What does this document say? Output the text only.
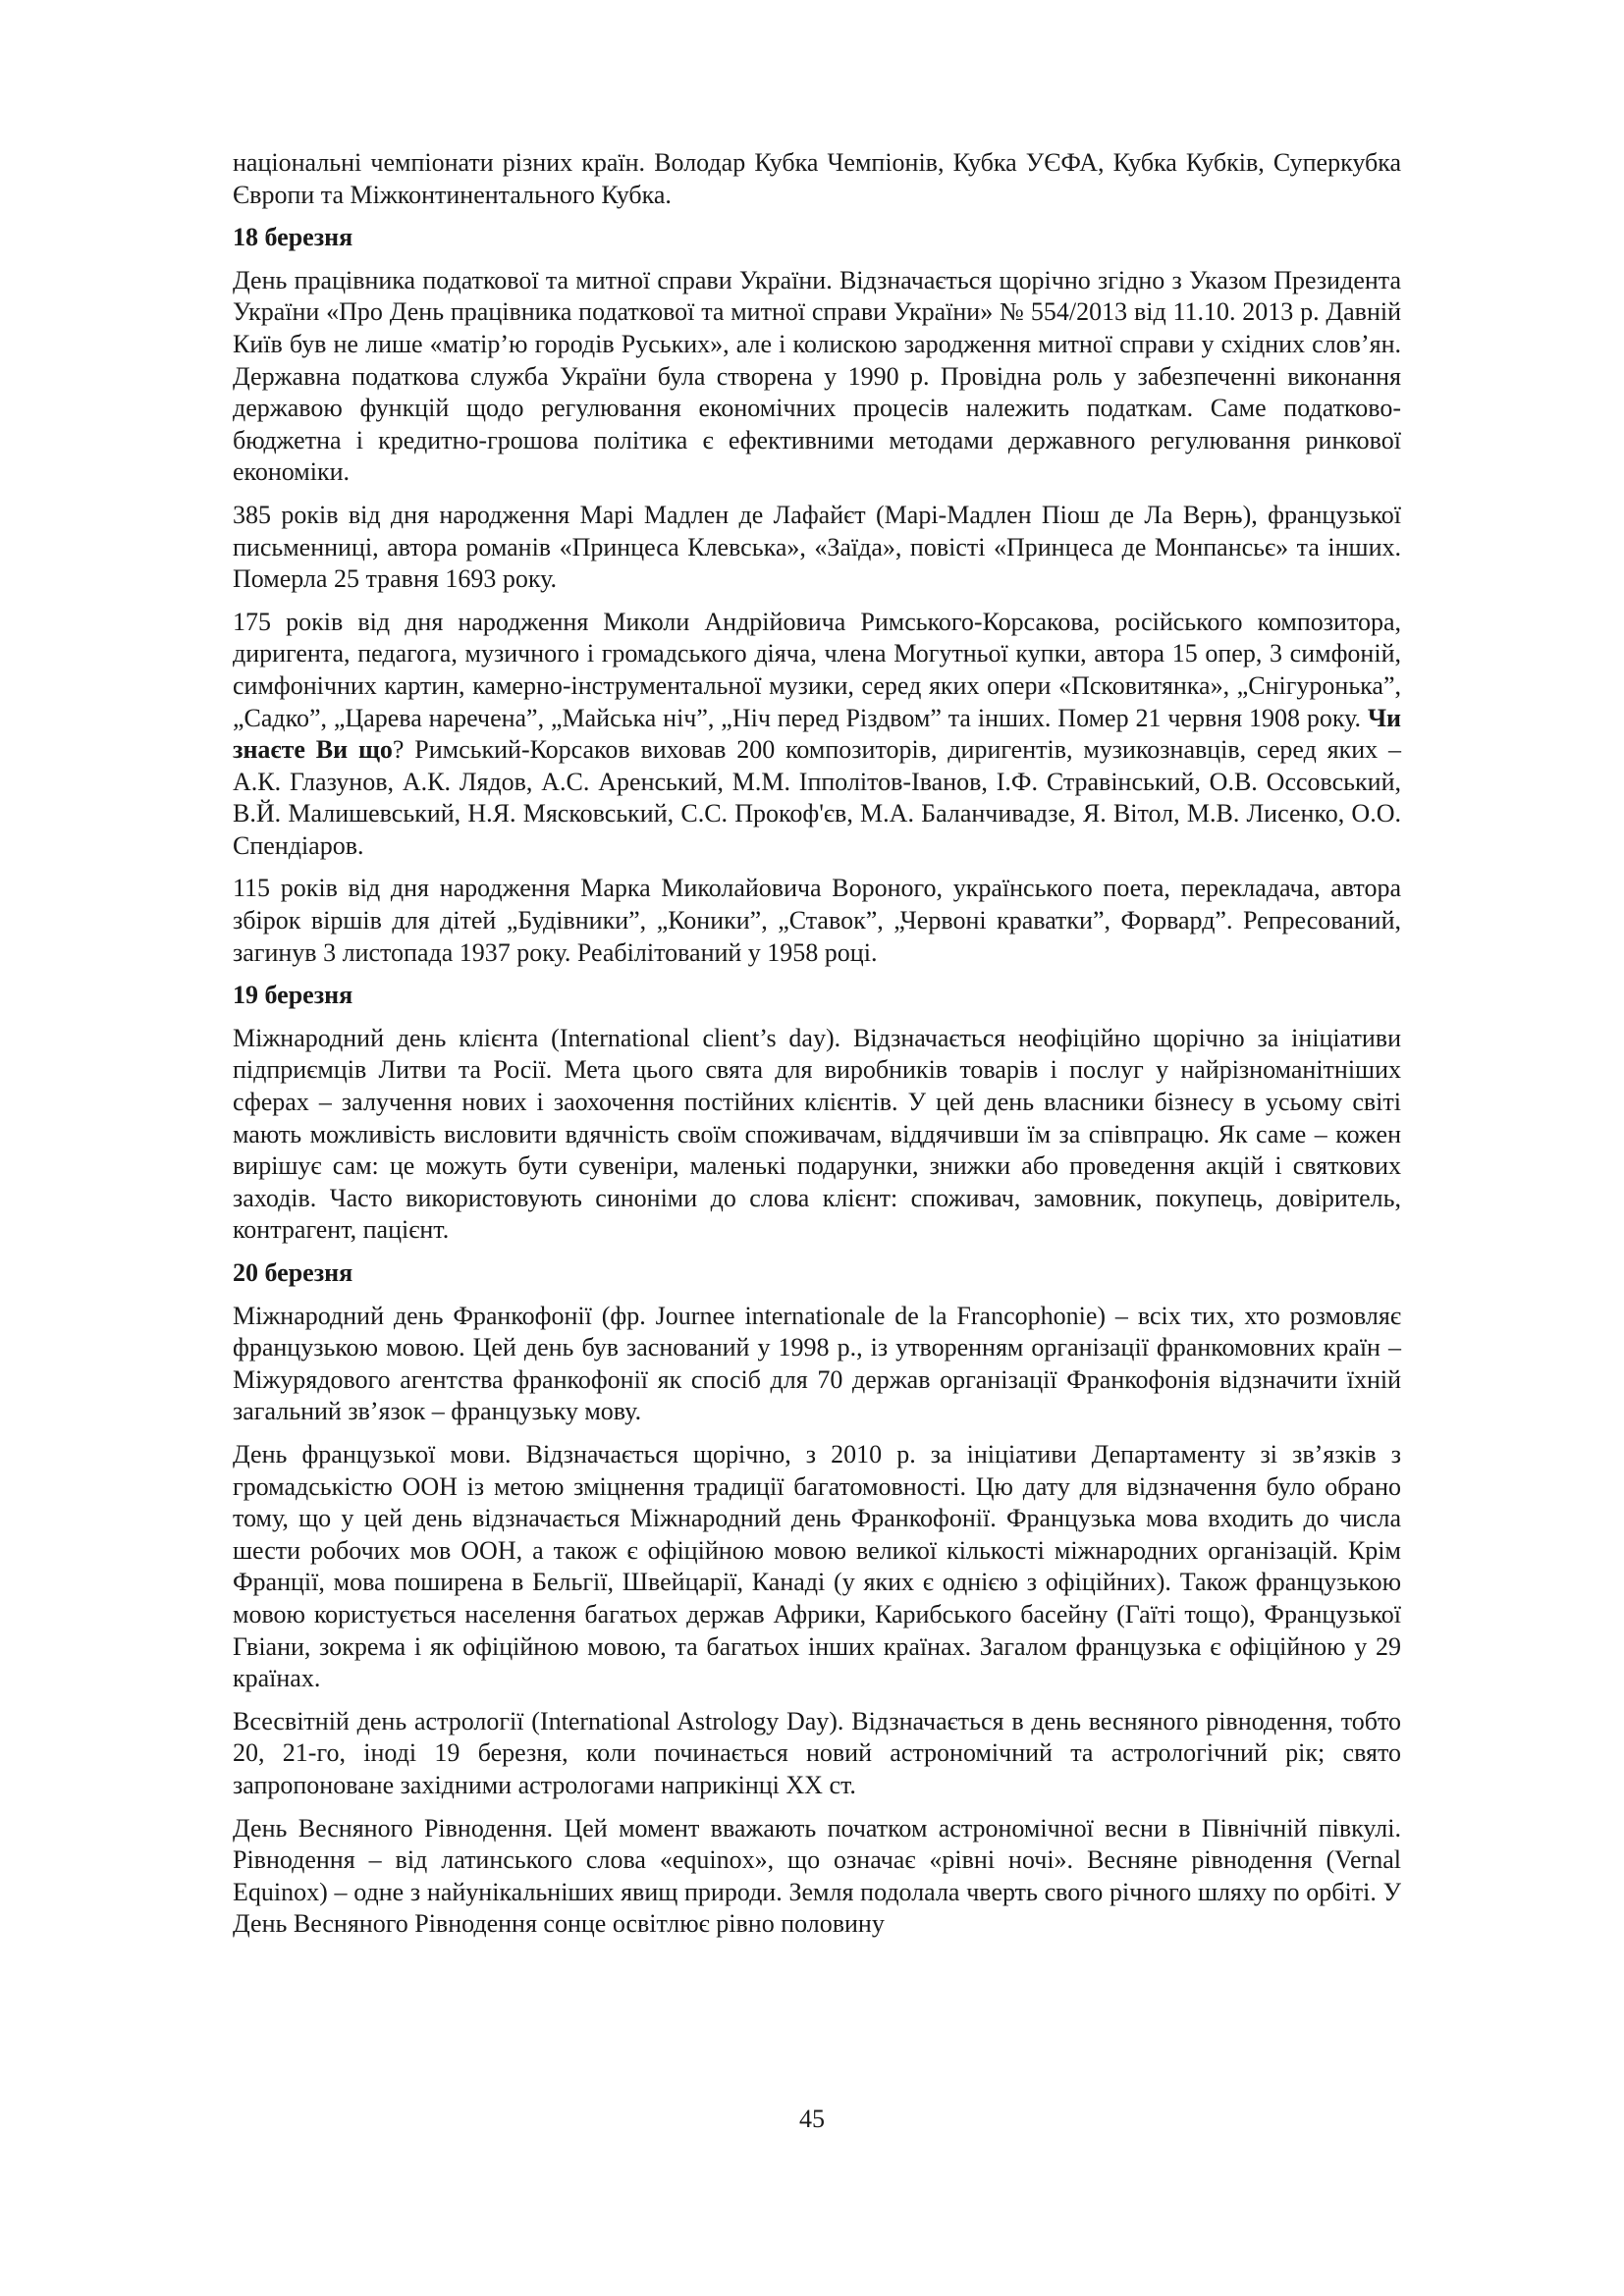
національні чемпіонати різних країн. Володар Кубка Чемпіонів, Кубка УЄФА, Кубка Кубків, Суперкубка Європи та Міжконтинентального Кубка.

18 березня

День працівника податкової та митної справи України. Відзначається щорічно згідно з Указом Президента України «Про День працівника податкової та митної справи України» № 554/2013 від 11.10. 2013 р. Давній Київ був не лише «матір’ю городів Руських», але і колискою зародження митної справи у східних слов’ян. Державна податкова служба України була створена у 1990 р. Провідна роль у забезпеченні виконання державою функцій щодо регулювання економічних процесів належить податкам. Саме податково-бюджетна і кредитно-грошова політика є ефективними методами державного регулювання ринкової економіки.

385 років від дня народження Марі Мадлен де Лафайєт (Марі-Мадлен Піош де Ла Верњ), французької письменниці, автора романів «Принцеса Клевська», «Заїда», повісті «Принцеса де Монпансьє» та інших. Померла 25 травня 1693 року.

175 років від дня народження Миколи Андрійовича Римського-Корсакова, російського композитора, диригента, педагога, музичного і громадського діяча, члена Могутньої купки, автора 15 опер, 3 симфоній, симфонічних картин, камерно-інструментальної музики, серед яких опери «Псковитянка», „Снігуронька”, „Садко”, „Царева наречена”, „Майська ніч”, „Ніч перед Різдвом” та інших. Помер 21 червня 1908 року. Чи знаєте Ви що? Римський-Корсаков виховав 200 композиторів, диригентів, музикознавців, серед яких – А.К. Глазунов, А.К. Лядов, А.С. Аренський, М.М. Іпполітов-Іванов, І.Ф. Стравінський, О.В. Оссовський, В.Й. Малишевський, Н.Я. Мясковський, С.С. Прокоф'єв, М.А. Баланчивадзе, Я. Вітол, М.В. Лисенко, О.О. Спендіаров.

115 років від дня народження Марка Миколайовича Вороного, українського поета, перекладача, автора збірок віршів для дітей „Будівники”, „Коники”, „Ставок”, „Червоні краватки”, Форвард”. Репресований, загинув 3 листопада 1937 року. Реабілітований у 1958 році.

19 березня

Міжнародний день клієнта (International client’s day). Відзначається неофіційно щорічно за ініціативи підприємців Литви та Росії. Мета цього свята для виробників товарів і послуг у найрізноманітніших сферах – залучення нових і заохочення постійних клієнтів. У цей день власники бізнесу в усьому світі мають можливість висловити вдячність своїм споживачам, віддячивши їм за співпрацю. Як саме – кожен вирішує сам: це можуть бути сувеніри, маленькі подарунки, знижки або проведення акцій і святкових заходів. Часто використовують синоніми до слова клієнт: споживач, замовник, покупець, довіритель, контрагент, пацієнт.

20 березня

Міжнародний день Франкофонії (фр. Journee internationale de la Francophonie) – всіх тих, хто розмовляє французькою мовою. Цей день був заснований у 1998 р., із утворенням організації франкомовних країн – Міжурядового агентства франкофонії як спосіб для 70 держав організації Франкофонія відзначити їхній загальний зв’язок – французьку мову.

День французької мови. Відзначається щорічно, з 2010 р. за ініціативи Департаменту зі зв’язків з громадськістю ООН із метою зміцнення традиції багатомовності. Цю дату для відзначення було обрано тому, що у цей день відзначається Міжнародний день Франкофонії. Французька мова входить до числа шести робочих мов ООН, а також є офіційною мовою великої кількості міжнародних організацій. Крім Франції, мова поширена в Бельгії, Швейцарії, Канаді (у яких є однією з офіційних). Також французькою мовою користується населення багатьох держав Африки, Карибського басейну (Гаїті тощо), Французької Гвіани, зокрема і як офіційною мовою, та багатьох інших країнах. Загалом французька є офіційною у 29 країнах.

Всесвітній день астрології (International Astrology Day). Відзначається в день весняного рівнодення, тобто 20, 21-го, іноді 19 березня, коли починається новий астрономічний та астрологічний рік; свято запропоноване західними астрологами наприкінці ХХ ст.

День Весняного Рівнодення. Цей момент вважають початком астрономічної весни в Північній півкулі. Рівнодення – від латинського слова «equinox», що означає «рівні ночі». Весняне рівнодення (Vernal Equinox) – одне з найунікальніших явищ природи. Земля подолала чверть свого річного шляху по орбіті. У День Весняного Рівнодення сонце освітлює рівно половину

45
